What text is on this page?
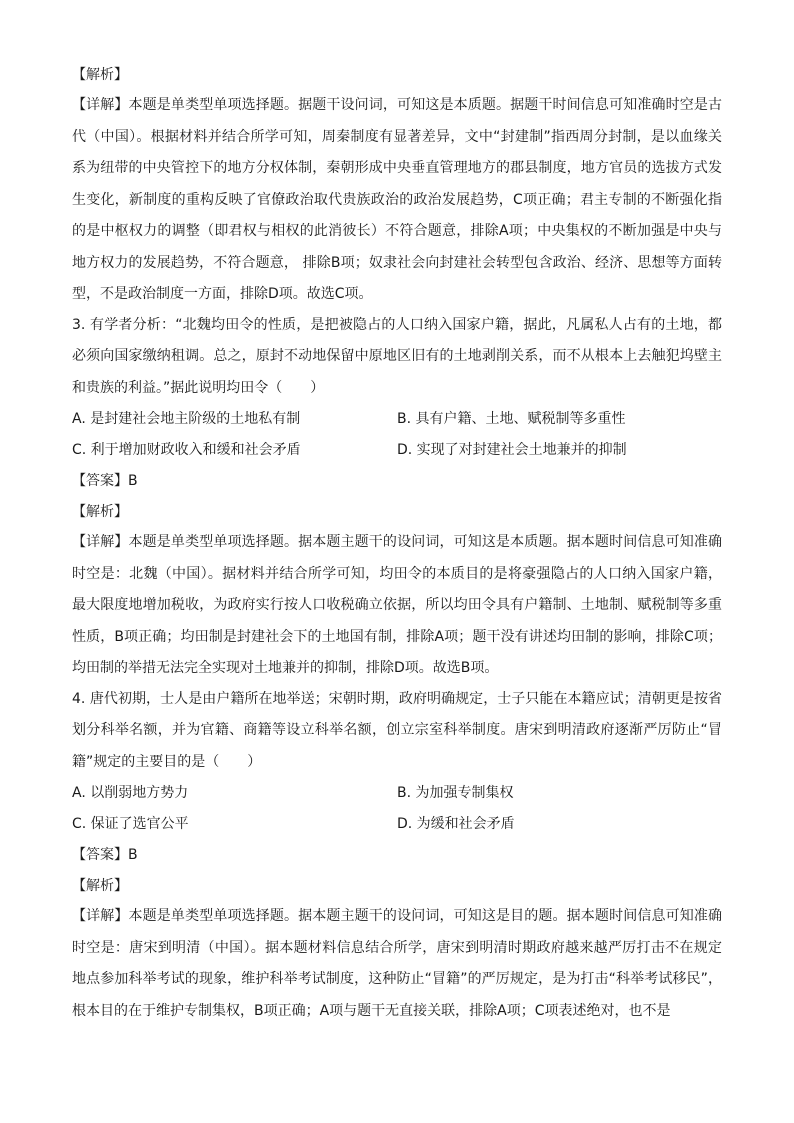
【解析】
【详解】本题是单类型单项选择题。据题干设问词，可知这是本质题。据题干时间信息可知准确时空是古代（中国）。根据材料并结合所学可知，周秦制度有显著差异，文中“封建制”指西周分封制，是以血缘关系为纽带的中央管控下的地方分权体制，秦朝形成中央垂直管理地方的郡县制度，地方官员的选拔方式发生变化，新制度的重构反映了官僚政治取代贵族政治的政治发展趋势，C项正确；君主专制的不断强化指的是中枢权力的调整（即君权与相权的此消彼长）不符合题意，排除A项；中央集权的不断加强是中央与地方权力的发展趋势，不符合题意， 排除B项；奴隶社会向封建社会转型包含政治、经济、思想等方面转型，不是政治制度一方面，排除D项。故选C项。
3. 有学者分析：“北魏均田令的性质，是把被隐占的人口纳入国家户籍，据此，凡属私人占有的土地，都必须向国家缴纳租调。总之，原封不动地保留中原地区旧有的土地剥削关系，而不从根本上去触犯坞壁主和贵族的利益。”据此说明均田令（　　）
A. 是封建社会地主阶级的土地私有制	B. 具有户籍、土地、赋税制等多重性
C. 利于增加财政收入和缓和社会矛盾	D. 实现了对封建社会土地兼并的抑制
【答案】B
【解析】
【详解】本题是单类型单项选择题。据本题主题干的设问词，可知这是本质题。据本题时间信息可知准确时空是：北魏（中国）。据材料并结合所学可知，均田令的本质目的是将豪强隐占的人口纳入国家户籍，最大限度地增加税收，为政府实行按人口收税确立依据，所以均田令具有户籍制、土地制、赋税制等多重性质，B项正确；均田制是封建社会下的土地国有制，排除A项；题干没有讲述均田制的影响，排除C项；均田制的举措无法完全实现对土地兼并的抑制，排除D项。故选B项。
4. 唐代初期，士人是由户籍所在地举送；宋朝时期，政府明确规定，士子只能在本籍应试；清朝更是按省划分科举名额，并为官籍、商籍等设立科举名额，创立宗室科举制度。唐宋到明清政府逐渐严厉防止“冒籍”规定的主要目的是（　　）
A. 以削弱地方势力	B. 为加强专制集权
C. 保证了选官公平	D. 为缓和社会矛盾
【答案】B
【解析】
【详解】本题是单类型单项选择题。据本题主题干的设问词，可知这是目的题。据本题时间信息可知准确时空是：唐宋到明清（中国）。据本题材料信息结合所学，唐宋到明清时期政府越来越严厉打击不在规定地点参加科举考试的现象，维护科举考试制度，这种防止“冒籍”的严厉规定，是为打击“科举考试移民”，根本目的在于维护专制集权，B项正确；A项与题干无直接关联，排除A项；C项表述绝对，也不是
